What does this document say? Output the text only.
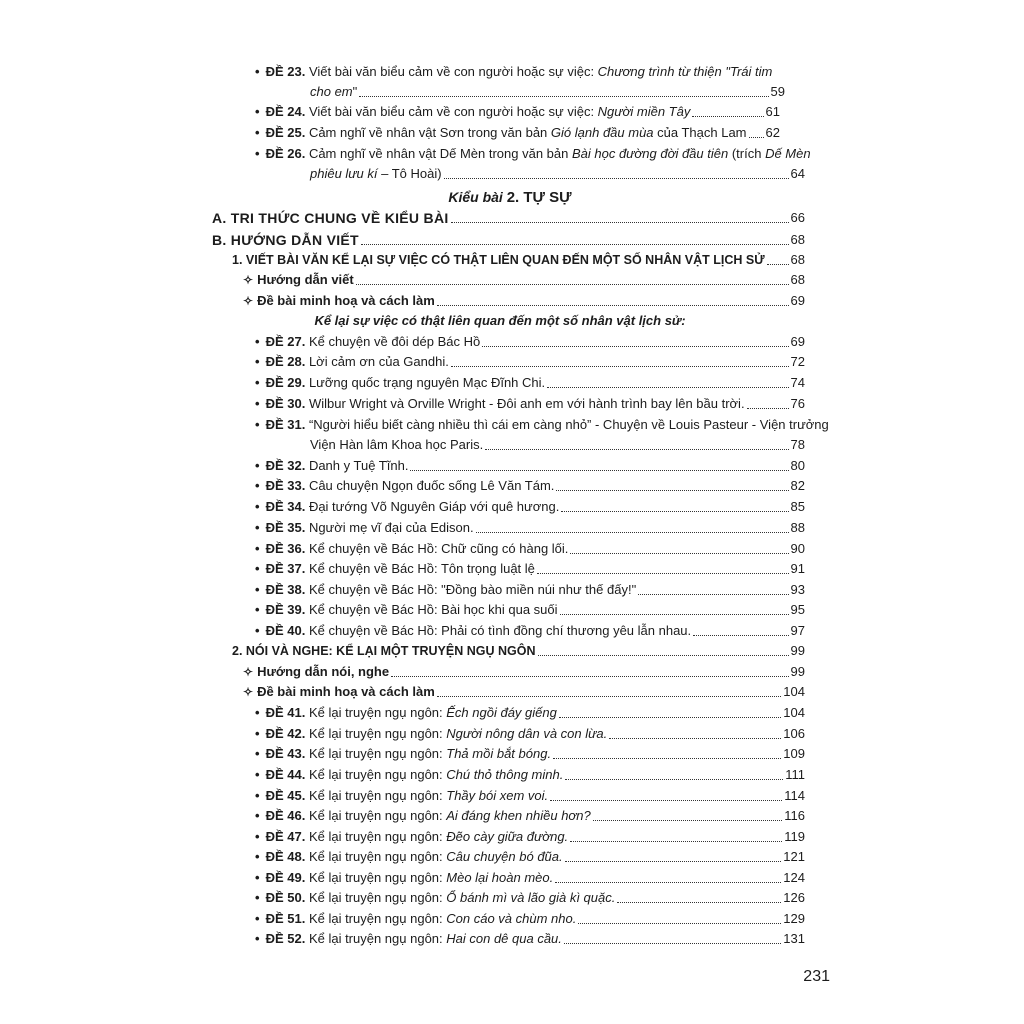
• ĐỀ 23. Viết bài văn biểu cảm về con người hoặc sự việc: Chương trình từ thiện "Trái tim
cho em"	59
• ĐỀ 24. Viết bài văn biểu cảm về con người hoặc sự việc: Người miền Tây	61
• ĐỀ 25. Cảm nghĩ về nhân vật Sơn trong văn bản Gió lạnh đầu mùa của Thạch Lam 62
• ĐỀ 26. Cảm nghĩ về nhân vật Dế Mèn trong văn bản Bài học đường đời đầu tiên (trích Dế Mèn
phiêu lưu kí – Tô Hoài)	64
Kiểu bài 2. TỰ SỰ
A. TRI THỨC CHUNG VỀ KIỂU BÀI	66
B. HƯỚNG DẪN VIẾT	68
1. VIẾT BÀI VĂN KỂ LẠI SỰ VIỆC CÓ THẬT LIÊN QUAN ĐẾN MỘT SỐ NHÂN VẬT LỊCH SỬ 68
✧ Hướng dẫn viết	68
✧ Đề bài minh hoạ và cách làm	69
Kể lại sự việc có thật liên quan đến một số nhân vật lịch sử:
• ĐỀ 27. Kể chuyện về đôi dép Bác Hồ	69
• ĐỀ 28. Lời cảm ơn của Gandhi.	72
• ĐỀ 29. Lưỡng quốc trạng nguyên Mạc Đĩnh Chi.	74
• ĐỀ 30. Wilbur Wright và Orville Wright - Đôi anh em với hành trình bay lên bầu trời.	76
• ĐỀ 31. “Người hiểu biết càng nhiều thì cái em càng nhỏ” - Chuyện về Louis Pasteur - Viện trưởng
Viện Hàn lâm Khoa học Paris.	78
• ĐỀ 32. Danh y Tuệ Tĩnh.	80
• ĐỀ 33. Câu chuyện Ngọn đuốc sống Lê Văn Tám.	82
• ĐỀ 34. Đại tướng Võ Nguyên Giáp với quê hương.	85
• ĐỀ 35. Người mẹ vĩ đại của Edison.	88
• ĐỀ 36. Kể chuyện về Bác Hồ: Chữ cũng có hàng lối.	90
• ĐỀ 37. Kể chuyện về Bác Hồ: Tôn trọng luật lệ	91
• ĐỀ 38. Kể chuyện về Bác Hồ: "Đồng bào miền núi như thế đấy!"	93
• ĐỀ 39. Kể chuyện về Bác Hồ: Bài học khi qua suối	95
• ĐỀ 40. Kể chuyện về Bác Hồ: Phải có tình đồng chí thương yêu lẫn nhau.	97
2. NÓI VÀ NGHE: KỂ LẠI MỘT TRUYỆN NGỤ NGÔN	99
✧ Hướng dẫn nói, nghe	99
✧ Đề bài minh hoạ và cách làm	104
• ĐỀ 41. Kể lại truyện ngụ ngôn: Ếch ngồi đáy giếng	104
• ĐỀ 42. Kể lại truyện ngụ ngôn: Người nông dân và con lừa.	106
• ĐỀ 43. Kể lại truyện ngụ ngôn: Thả mồi bắt bóng.	109
• ĐỀ 44. Kể lại truyện ngụ ngôn: Chú thỏ thông minh.	111
• ĐỀ 45. Kể lại truyện ngụ ngôn: Thầy bói xem voi.	114
• ĐỀ 46. Kể lại truyện ngụ ngôn: Ai đáng khen nhiều hơn?	116
• ĐỀ 47. Kể lại truyện ngụ ngôn: Đẽo cày giữa đường.	119
• ĐỀ 48. Kể lại truyện ngụ ngôn: Câu chuyện bó đũa.	121
• ĐỀ 49. Kể lại truyện ngụ ngôn: Mèo lại hoàn mèo.	124
• ĐỀ 50. Kể lại truyện ngụ ngôn: Ổ bánh mì và lão già kì quặc.	126
• ĐỀ 51. Kể lại truyện ngụ ngôn: Con cáo và chùm nho.	129
• ĐỀ 52. Kể lại truyện ngụ ngôn: Hai con dê qua cầu.	131
231
